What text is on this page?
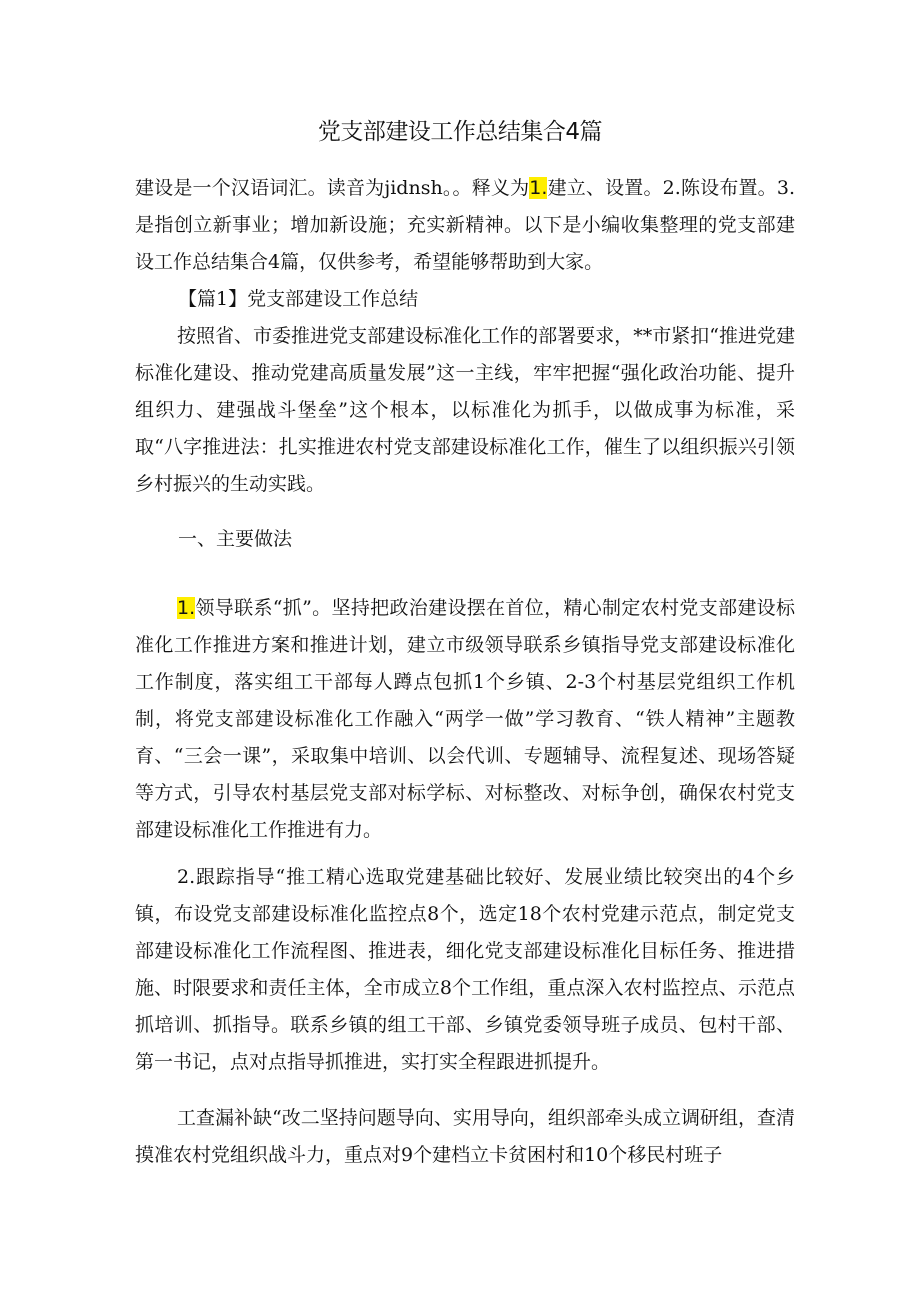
党支部建设工作总结集合4篇
建设是一个汉语词汇。读音为jidnsh。。释义为1.建立、设置。2.陈设布置。3.是指创立新事业；增加新设施；充实新精神。以下是小编收集整理的党支部建设工作总结集合4篇，仅供参考，希望能够帮助到大家。
【篇1】党支部建设工作总结
按照省、市委推进党支部建设标准化工作的部署要求，**市紧扣“推进党建标准化建设、推动党建高质量发展”这一主线，牢牢把握“强化政治功能、提升组织力、建强战斗堡垒”这个根本，以标准化为抓手，以做成事为标准，采取“八字推进法：扎实推进农村党支部建设标准化工作，催生了以组织振兴引领乡村振兴的生动实践。
一、主要做法
1.领导联系“抓”。坚持把政治建设摆在首位，精心制定农村党支部建设标准化工作推进方案和推进计划，建立市级领导联系乡镇指导党支部建设标准化工作制度，落实组工干部每人蹲点包抓1个乡镇、2-3个村基层党组织工作机制，将党支部建设标准化工作融入“两学一做”学习教育、“铁人精神”主题教育、“三会一课”，采取集中培训、以会代训、专题辅导、流程复述、现场答疑等方式，引导农村基层党支部对标学标、对标整改、对标争创，确保农村党支部建设标准化工作推进有力。
2.跟踪指导“推工精心选取党建基础比较好、发展业绩比较突出的4个乡镇，布设党支部建设标准化监控点8个，选定18个农村党建示范点，制定党支部建设标准化工作流程图、推进表，细化党支部建设标准化目标任务、推进措施、时限要求和责任主体，全市成立8个工作组，重点深入农村监控点、示范点抓培训、抓指导。联系乡镇的组工干部、乡镇党委领导班子成员、包村干部、第一书记，点对点指导抓推进，实打实全程跟进抓提升。
工查漏补缺“改二坚持问题导向、实用导向，组织部牵头成立调研组，查清摸准农村党组织战斗力，重点对9个建档立卡贫困村和10个移民村班子
